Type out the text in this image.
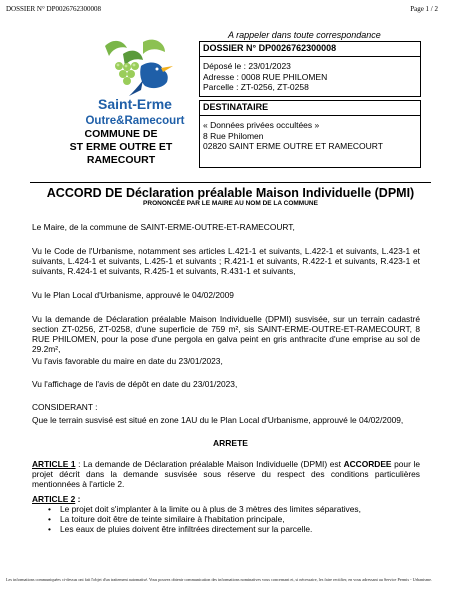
DOSSIER N° DP0026762300008	Page 1 / 2
Saint-Erme
Outre&Ramecourt
COMMUNE DE
ST ERME OUTRE ET
RAMECOURT
A rappeler dans toute correspondance
DOSSIER N° DP0026762300008
Déposé le : 23/01/2023
Adresse : 0008 RUE PHILOMEN
Parcelle : ZT-0256, ZT-0258
DESTINATAIRE
« Données privées occultées »
8 Rue Philomen
02820 SAINT ERME OUTRE ET RAMECOURT
ACCORD DE Déclaration préalable Maison Individuelle (DPMI)
PRONONCÉE PAR LE MAIRE AU NOM DE LA COMMUNE
Le Maire, de la commune de SAINT-ERME-OUTRE-ET-RAMECOURT,
Vu le Code de l'Urbanisme, notamment ses articles L.421-1 et suivants, L.422-1 et suivants, L.423-1 et suivants, L.424-1 et suivants, L.425-1 et suivants ; R.421-1 et suivants, R.422-1 et suivants, R.423-1 et suivants, R.424-1 et suivants, R.425-1 et suivants, R.431-1 et suivants,
Vu le Plan Local d'Urbanisme, approuvé le 04/02/2009
Vu la demande de Déclaration préalable Maison Individuelle (DPMI) susvisée, sur un terrain cadastré section ZT-0256, ZT-0258, d'une superficie de 759 m², sis SAINT-ERME-OUTRE-ET-RAMECOURT, 8 RUE PHILOMEN, pour la pose d'une pergola en galva peint en gris anthracite d'une emprise au sol de 29.2m²,
Vu l'avis favorable du maire en date du 23/01/2023,
Vu l'affichage de l'avis de dépôt en date du 23/01/2023,
CONSIDERANT :
Que le terrain susvisé est situé en zone 1AU du le Plan Local d'Urbanisme, approuvé le 04/02/2009,
ARRETE
ARTICLE 1 : La demande de Déclaration préalable Maison Individuelle (DPMI) est ACCORDEE pour le projet décrit dans la demande susvisée sous réserve du respect des conditions particulières mentionnées à l'article 2.
ARTICLE 2 :
• Le projet doit s'implanter à la limite ou à plus de 3 mètres des limites séparatives,
• La toiture doit être de teinte similaire à l'habitation principale,
• Les eaux de pluies doivent être infiltrées directement sur la parcelle.
Les informations communiquées ci-dessus ont fait l'objet d'un traitement automatisé. Vous pouvez obtenir communication des informations nominatives vous concernant et, si nécessaire, les faire rectifier, en vous adressant au Service Permis - Urbanisme.
